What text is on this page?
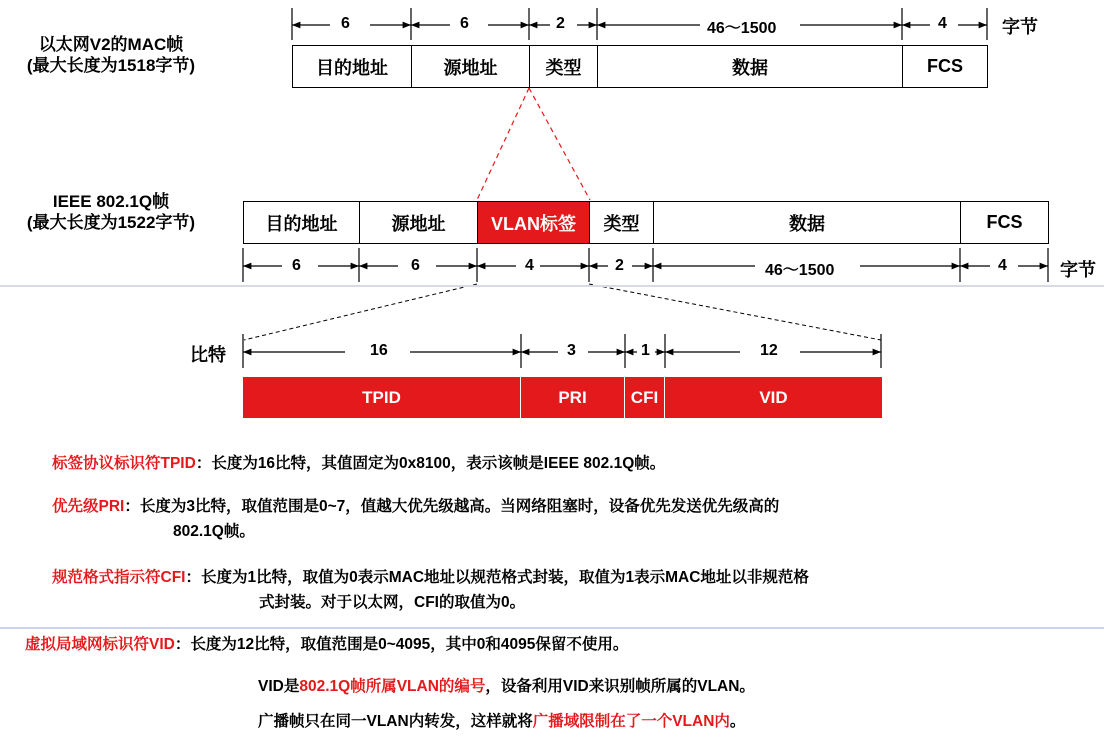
以太网V2的MAC帧
(最大长度为1518字节)
6	6	2	46～1500	4	字节
目的地址	源地址	类型	数据	FCS
IEEE 802.1Q帧
(最大长度为1522字节)	目的地址	源地址	VLAN标签	类型	数据	FCS
6	6	4	2	46～1500	4	字节
比特	16	3	1	12
TPID	PRI	CFI	VID
标签协议标识符TPID：长度为16比特，其值固定为0x8100，表示该帧是IEEE 802.1Q帧。
优先级PRI：长度为3比特，取值范围是0~7，值越大优先级越高。当网络阻塞时，设备优先发送优先级高的
802.1Q帧。
规范格式指示符CFI：长度为1比特，取值为0表示MAC地址以规范格式封装，取值为1表示MAC地址以非规范格
式封装。对于以太网，CFI的取值为0。
虚拟局域网标识符VID：长度为12比特，取值范围是0~4095，其中0和4095保留不使用。
VID是802.1Q帧所属VLAN的编号，设备利用VID来识别帧所属的VLAN。
广播帧只在同一VLAN内转发，这样就将广播域限制在了一个VLAN内。
